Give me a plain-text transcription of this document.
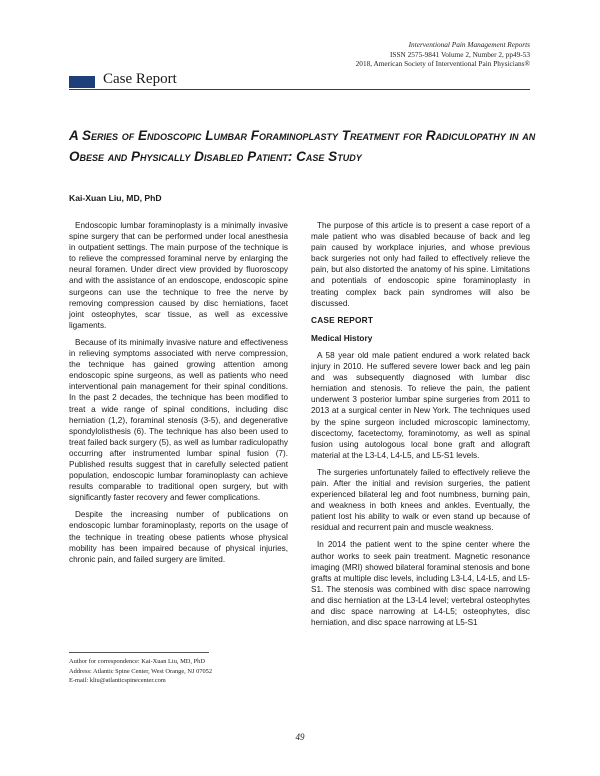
Interventional Pain Management Reports
ISSN 2575-9841 Volume 2, Number 2, pp49-53
2018, American Society of Interventional Pain Physicians®
Case Report
A Series of Endoscopic Lumbar Foraminoplasty Treatment for Radiculopathy in an Obese and Physically Disabled Patient: Case Study
Kai-Xuan Liu, MD, PhD

Endoscopic lumbar foraminoplasty is a minimally invasive spine surgery that can be performed under local anesthesia in outpatient settings. The main purpose of the technique is to relieve the compressed foraminal nerve by enlarging the neural foramen. Under direct view provided by fluoroscopy and with the assistance of an endoscope, endoscopic spine surgeons can use the technique to free the nerve by removing compression caused by disc herniations, facet joint osteophytes, scar tissue, as well as excessive ligaments.

Because of its minimally invasive nature and effectiveness in relieving symptoms associated with nerve compression, the technique has gained growing attention among endoscopic spine surgeons, as well as patients who need interventional pain management for their spinal conditions. In the past 2 decades, the technique has been modified to treat a wide range of spinal conditions, including disc herniation (1,2), foraminal stenosis (3-5), and degenerative spondylolisthesis (6). The technique has also been used to treat failed back surgery (5), as well as lumbar radiculopathy occurring after instrumented lumbar spinal fusion (7). Published results suggest that in carefully selected patient population, endoscopic lumbar foraminoplasty can achieve results comparable to traditional open surgery, but with significantly faster recovery and fewer complications.

Despite the increasing number of publications on endoscopic lumbar foraminoplasty, reports on the usage of the technique in treating obese patients whose physical mobility has been impaired because of physical injuries, chronic pain, and failed surgery are limited.

The purpose of this article is to present a case report of a male patient who was disabled because of back and leg pain caused by workplace injuries, and whose previous back surgeries not only had failed to effectively relieve the pain, but also distorted the anatomy of his spine. Limitations and potentials of endoscopic spine foraminoplasty in treating complex back pain syndromes will also be discussed.

CASE REPORT
Medical History

A 58 year old male patient endured a work related back injury in 2010. He suffered severe lower back and leg pain and was subsequently diagnosed with lumbar disc herniation and stenosis. To relieve the pain, the patient underwent 3 posterior lumbar spine surgeries from 2011 to 2013 at a surgical center in New York. The techniques used by the spine surgeon included microscopic laminectomy, discectomy, facetectomy, foraminotomy, as well as spinal fusion using autologous local bone graft and allograft material at the L3-L4, L4-L5, and L5-S1 levels.

The surgeries unfortunately failed to effectively relieve the pain. After the initial and revision surgeries, the patient experienced bilateral leg and foot numbness, burning pain, and weakness in both knees and ankles. Eventually, the patient lost his ability to walk or even stand up because of residual and recurrent pain and muscle weakness.

In 2014 the patient went to the spine center where the author works to seek pain treatment. Magnetic resonance imaging (MRI) showed bilateral foraminal stenosis and bone grafts at multiple disc levels, including L3-L4, L4-L5, and L5-S1. The stenosis was combined with disc space narrowing and disc herniation at the L3-L4 level; vertebral osteophytes and disc space narrowing at L4-L5; osteophytes, disc herniation, and disc space narrowing at L5-S1

Author for correspondence: Kai-Xuan Liu, MD, PhD
Address: Atlantic Spine Center, West Orange, NJ 07052
E-mail: kliu@atlanticspinecenter.com
49
